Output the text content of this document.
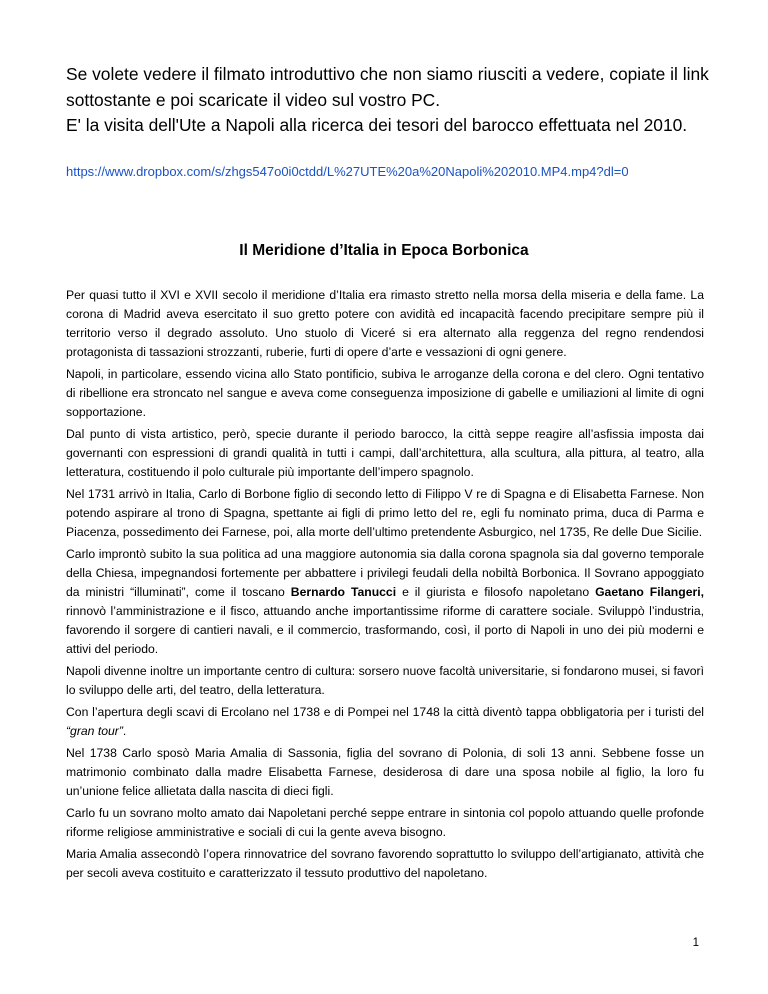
Se volete vedere il filmato introduttivo che non siamo riusciti a vedere, copiate il link sottostante e poi scaricate il video sul vostro PC.

E' la visita dell'Ute a Napoli alla ricerca dei tesori del barocco effettuata nel 2010.

https://www.dropbox.com/s/zhgs547o0i0ctdd/L%27UTE%20a%20Napoli%202010.MP4.mp4?dl=0
Il Meridione d’Italia in Epoca Borbonica

Per quasi tutto il XVI e XVII secolo il meridione d’Italia era rimasto stretto nella morsa della miseria e della fame. La corona di Madrid aveva esercitato il suo gretto potere con avidità ed incapacità facendo precipitare sempre più il territorio verso il degrado assoluto. Uno stuolo di Viceré si era alternato alla reggenza del regno rendendosi protagonista di tassazioni strozzanti, ruberie, furti di opere d’arte e vessazioni di ogni genere.

Napoli, in particolare, essendo vicina allo Stato pontificio, subiva le arroganze della corona e del clero. Ogni tentativo di ribellione era stroncato nel sangue e aveva come conseguenza imposizione di gabelle e umiliazioni al limite di ogni sopportazione.

Dal punto di vista artistico, però, specie durante il periodo barocco, la città seppe reagire all’asfissia imposta dai governanti con espressioni di grandi qualità in tutti i campi, dall’architettura, alla scultura, alla pittura, al teatro, alla letteratura, costituendo il polo culturale più importante dell’impero spagnolo.

Nel 1731 arrivò in Italia, Carlo di Borbone figlio di secondo letto di Filippo V re di Spagna e di Elisabetta Farnese. Non potendo aspirare al trono di Spagna, spettante ai figli di primo letto del re, egli fu nominato prima, duca di Parma e Piacenza, possedimento dei Farnese, poi, alla morte dell’ultimo pretendente Asburgico, nel 1735, Re delle Due Sicilie.

Carlo improntò subito la sua politica ad una maggiore autonomia sia dalla corona spagnola sia dal governo temporale della Chiesa, impegnandosi fortemente per abbattere i privilegi feudali della nobiltà Borbonica. Il Sovrano appoggiato da ministri “illuminati”, come il toscano Bernardo Tanucci e il giurista e filosofo napoletano Gaetano Filangeri, rinnovò l’amministrazione e il fisco, attuando anche importantissime riforme di carattere sociale. Sviluppò l’industria, favorendo il sorgere di cantieri navali, e il commercio, trasformando, così, il porto di Napoli in uno dei più moderni e attivi del periodo.

Napoli divenne inoltre un importante centro di cultura: sorsero nuove facoltà universitarie, si fondarono musei, si favorì lo sviluppo delle arti, del teatro, della letteratura.

Con l’apertura degli scavi di Ercolano nel 1738 e di Pompei nel 1748 la città diventò tappa obbligatoria per i turisti del “gran tour”.

Nel 1738 Carlo sposò Maria Amalia di Sassonia, figlia del sovrano di Polonia, di soli 13 anni. Sebbene fosse un matrimonio combinato dalla madre Elisabetta Farnese, desiderosa di dare una sposa nobile al figlio, la loro fu un’unione felice allietata dalla nascita di dieci figli.

Carlo fu un sovrano molto amato dai Napoletani perché seppe entrare in sintonia col popolo attuando quelle profonde riforme religiose amministrative e sociali di cui la gente aveva bisogno.

Maria Amalia assecondò l’opera rinnovatrice del sovrano favorendo soprattutto lo sviluppo dell’artigianato, attività che per secoli aveva costituito e caratterizzato il tessuto produttivo del napoletano.

1
